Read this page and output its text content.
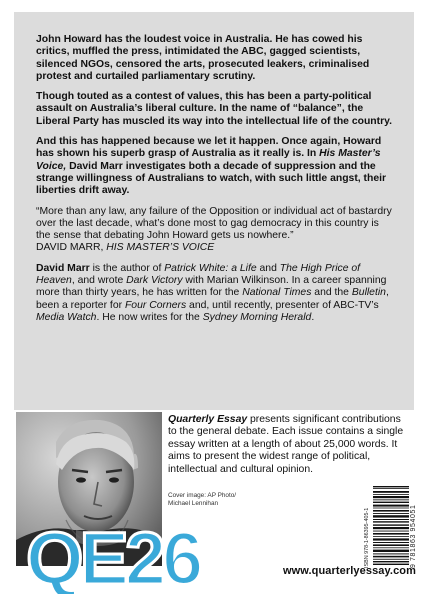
John Howard has the loudest voice in Australia. He has cowed his critics, muffled the press, intimidated the ABC, gagged scientists, silenced NGOs, censored the arts, prosecuted leakers, criminalised protest and curtailed parliamentary scrutiny.

Though touted as a contest of values, this has been a party-political assault on Australia’s liberal culture. In the name of “balance”, the Liberal Party has muscled its way into the intellectual life of the country.

And this has happened because we let it happen. Once again, Howard has shown his superb grasp of Australia as it really is. In His Master’s Voice, David Marr investigates both a decade of suppression and the strange willingness of Australians to watch, with such little angst, their liberties drift away.

“More than any law, any failure of the Opposition or individual act of bastardry over the last decade, what’s done most to gag democracy in this country is the sense that debating John Howard gets us nowhere.”
DAVID MARR, HIS MASTER’S VOICE

David Marr is the author of Patrick White: a Life and The High Price of Heaven, and wrote Dark Victory with Marian Wilkinson. In a career spanning more than thirty years, he has written for the National Times and the Bulletin, been a reporter for Four Corners and, until recently, presenter of ABC-TV’s Media Watch. He now writes for the Sydney Morning Herald.

Quarterly Essay presents significant contributions to the general debate. Each issue contains a single essay written at a length of about 25,000 words. It aims to present the widest range of political, intellectual and cultural opinion.
Cover image: AP Photo/
Michael Lennihan
ISBN 978-1-86395-405-1	9 781863 954051
QE26	www.quarterlyessay.com
